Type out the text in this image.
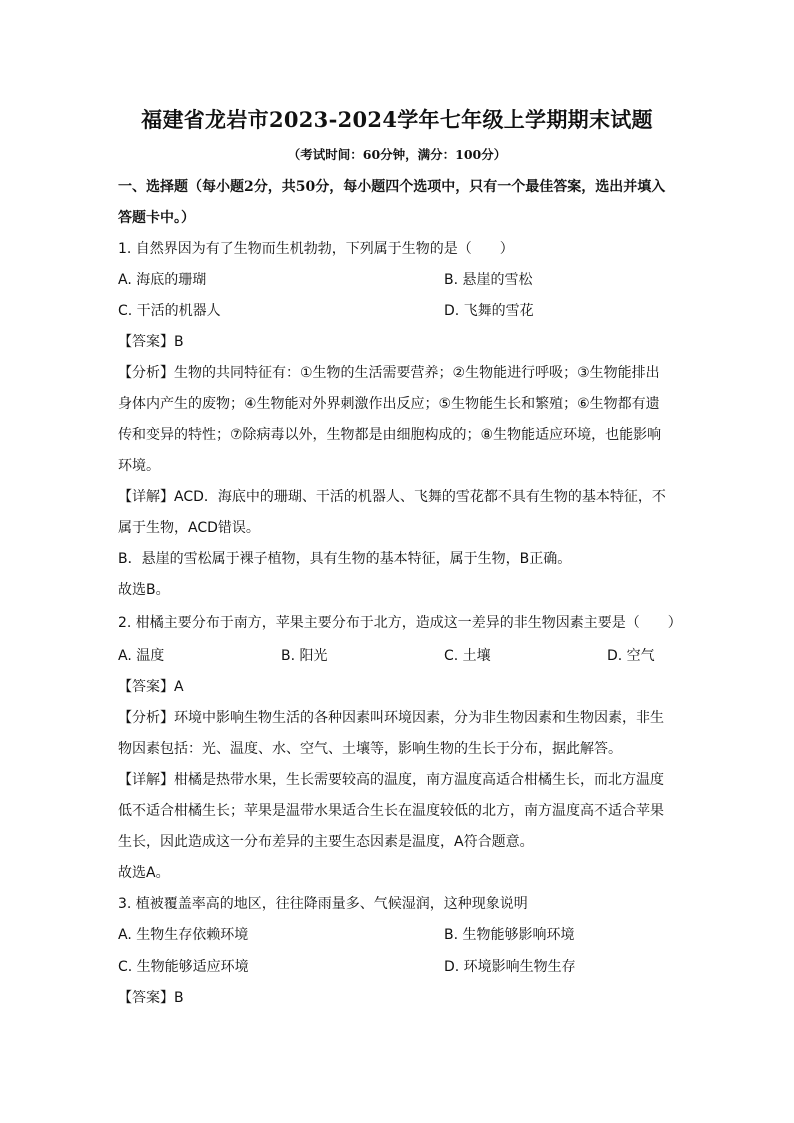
福建省龙岩市2023-2024学年七年级上学期期末试题
（考试时间：60分钟，满分：100分）
一、选择题（每小题2分，共50分，每小题四个选项中，只有一个最佳答案，选出并填入
答题卡中。）
1. 自然界因为有了生物而生机勃勃，下列属于生物的是（　　）
A. 海底的珊瑚	B. 悬崖的雪松
C. 干活的机器人	D. 飞舞的雪花
【答案】B
【分析】生物的共同特征有：①生物的生活需要营养；②生物能进行呼吸；③生物能排出
身体内产生的废物；④生物能对外界刺激作出反应；⑤生物能生长和繁殖；⑥生物都有遗
传和变异的特性；⑦除病毒以外，生物都是由细胞构成的；⑧生物能适应环境，也能影响
环境。
【详解】ACD．海底中的珊瑚、干活的机器人、飞舞的雪花都不具有生物的基本特征，不
属于生物，ACD错误。
B．悬崖的雪松属于裸子植物，具有生物的基本特征，属于生物，B正确。
故选B。
2. 柑橘主要分布于南方，苹果主要分布于北方，造成这一差异的非生物因素主要是（　　）
A. 温度	B. 阳光	C. 土壤	D. 空气
【答案】A
【分析】环境中影响生物生活的各种因素叫环境因素，分为非生物因素和生物因素，非生
物因素包括：光、温度、水、空气、土壤等，影响生物的生长于分布，据此解答。
【详解】柑橘是热带水果，生长需要较高的温度，南方温度高适合柑橘生长，而北方温度
低不适合柑橘生长；苹果是温带水果适合生长在温度较低的北方，南方温度高不适合苹果
生长，因此造成这一分布差异的主要生态因素是温度，A符合题意。
故选A。
3. 植被覆盖率高的地区，往往降雨量多、气候湿润，这种现象说明
A. 生物生存依赖环境	B. 生物能够影响环境
C. 生物能够适应环境	D. 环境影响生物生存
【答案】B
